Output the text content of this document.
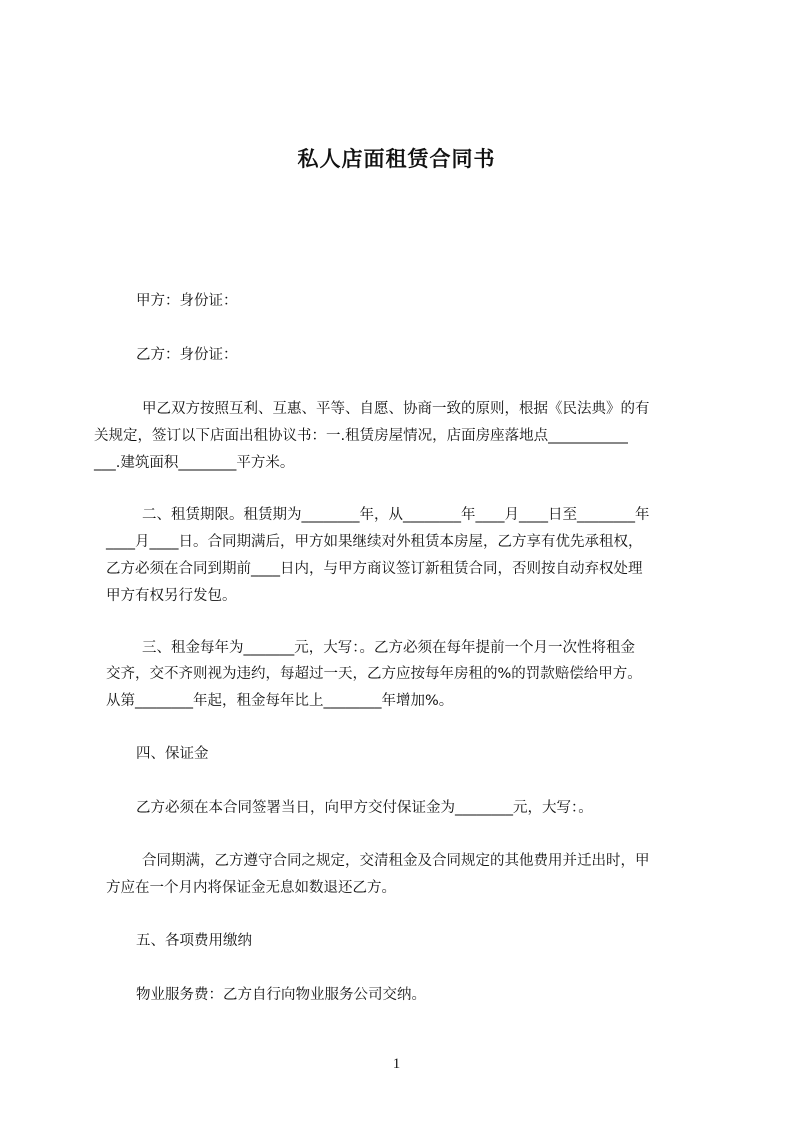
私人店面租赁合同书
甲方：身份证：
乙方：身份证：
甲乙双方按照互利、互惠、平等、自愿、协商一致的原则，根据《民法典》的有
关规定，签订以下店面出租协议书：一.租赁房屋情况，店面房座落地点___________
___.建筑面积________平方米。
二、租赁期限。租赁期为________年，从________年____月____日至________年
____月____日。合同期满后，甲方如果继续对外租赁本房屋，乙方享有优先承租权，
乙方必须在合同到期前____日内，与甲方商议签订新租赁合同，否则按自动弃权处理
甲方有权另行发包。
三、租金每年为_______元，大写：。乙方必须在每年提前一个月一次性将租金
交齐，交不齐则视为违约，每超过一天，乙方应按每年房租的%的罚款赔偿给甲方。
从第________年起，租金每年比上________年增加%。
四、保证金
乙方必须在本合同签署当日，向甲方交付保证金为________元，大写：。
合同期满，乙方遵守合同之规定，交清租金及合同规定的其他费用并迁出时，甲
方应在一个月内将保证金无息如数退还乙方。
五、各项费用缴纳
物业服务费：乙方自行向物业服务公司交纳。
1
